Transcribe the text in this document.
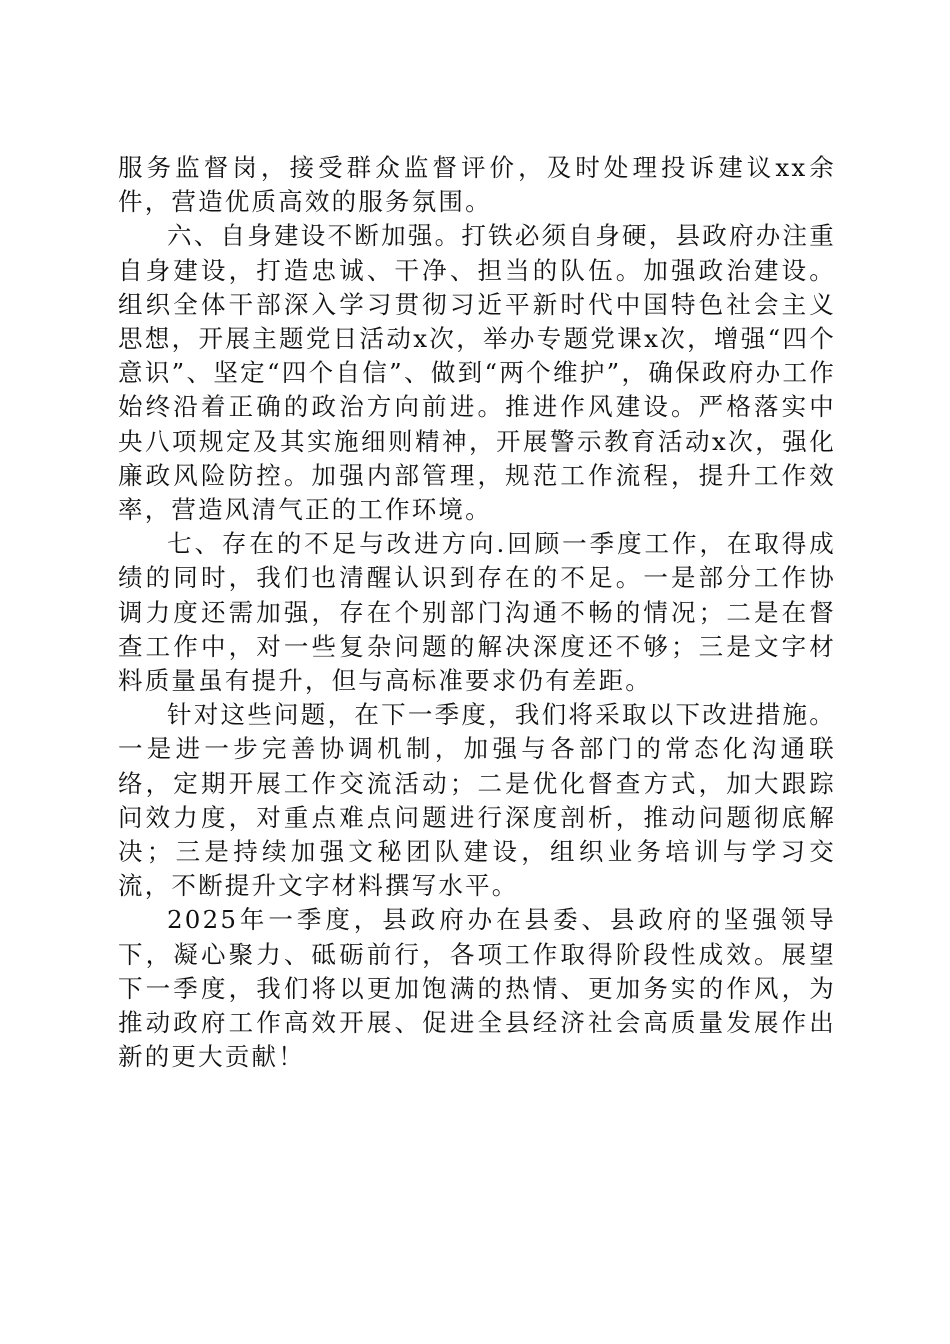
服务监督岗，接受群众监督评价，及时处理投诉建议xx余件，营造优质高效的服务氛围。

六、自身建设不断加强。打铁必须自身硬，县政府办注重自身建设，打造忠诚、干净、担当的队伍。加强政治建设。组织全体干部深入学习贯彻习近平新时代中国特色社会主义思想，开展主题党日活动x次，举办专题党课x次，增强“四个意识”、坚定“四个自信”、做到“两个维护”，确保政府办工作始终沿着正确的政治方向前进。推进作风建设。严格落实中央八项规定及其实施细则精神，开展警示教育活动x次，强化廉政风险防控。加强内部管理，规范工作流程，提升工作效率，营造风清气正的工作环境。

七、存在的不足与改进方向.回顾一季度工作，在取得成绩的同时，我们也清醒认识到存在的不足。一是部分工作协调力度还需加强，存在个别部门沟通不畅的情况；二是在督查工作中，对一些复杂问题的解决深度还不够；三是文字材料质量虽有提升，但与高标准要求仍有差距。

针对这些问题，在下一季度，我们将采取以下改进措施。一是进一步完善协调机制，加强与各部门的常态化沟通联络，定期开展工作交流活动；二是优化督查方式，加大跟踪问效力度，对重点难点问题进行深度剖析，推动问题彻底解决；三是持续加强文秘团队建设，组织业务培训与学习交流，不断提升文字材料撰写水平。

2025年一季度，县政府办在县委、县政府的坚强领导下，凝心聚力、砥砺前行，各项工作取得阶段性成效。展望下一季度，我们将以更加饱满的热情、更加务实的作风，为推动政府工作高效开展、促进全县经济社会高质量发展作出新的更大贡献！
